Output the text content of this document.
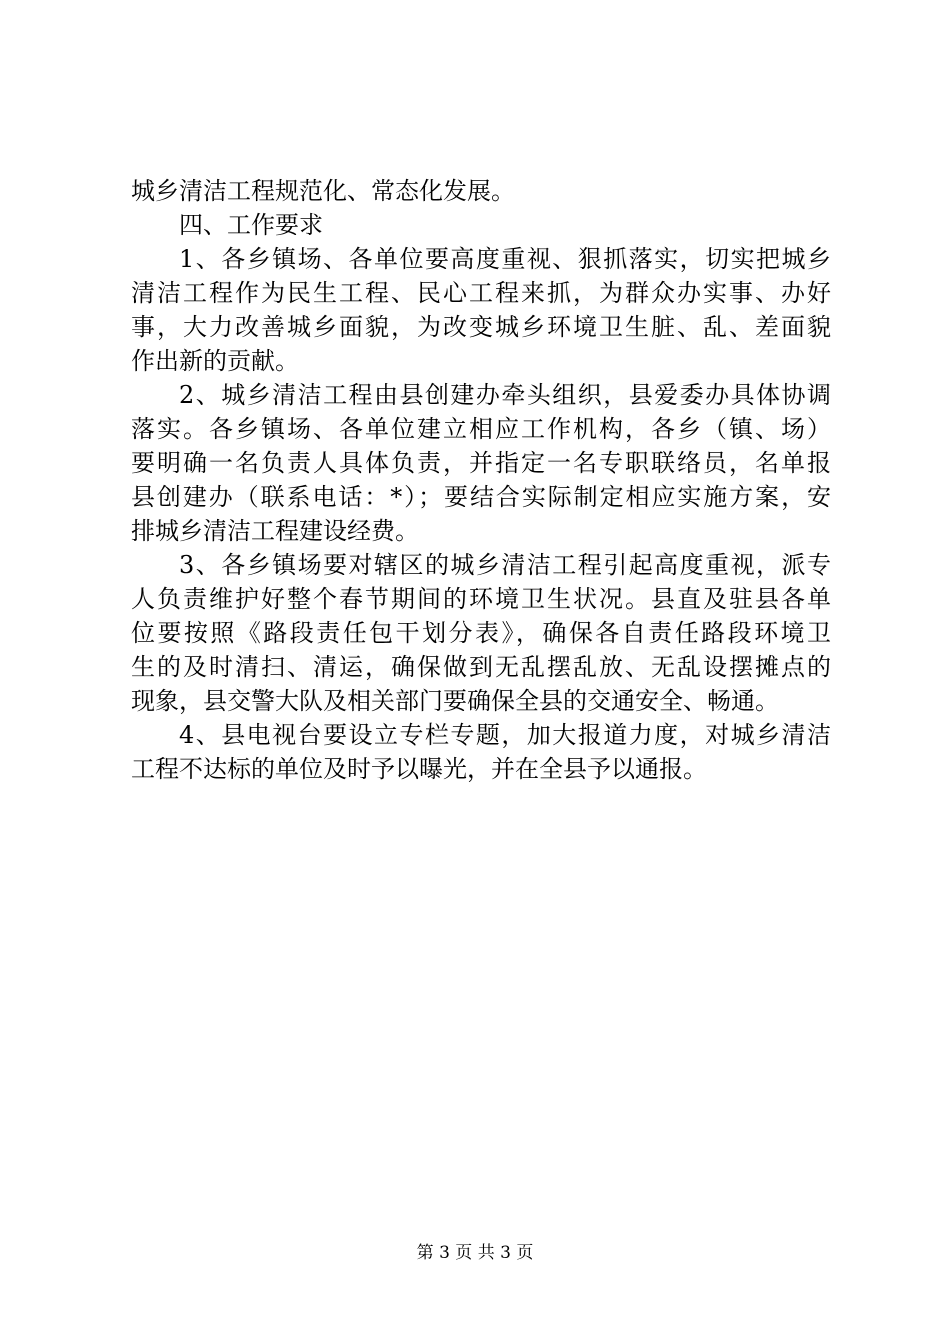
城乡清洁工程规范化、常态化发展。
四、工作要求
1、各乡镇场、各单位要高度重视、狠抓落实，切实把城乡
清洁工程作为民生工程、民心工程来抓，为群众办实事、办好
事，大力改善城乡面貌，为改变城乡环境卫生脏、乱、差面貌
作出新的贡献。
2、城乡清洁工程由县创建办牵头组织，县爱委办具体协调
落实。各乡镇场、各单位建立相应工作机构，各乡（镇、场）
要明确一名负责人具体负责，并指定一名专职联络员，名单报
县创建办（联系电话：*）；要结合实际制定相应实施方案，安
排城乡清洁工程建设经费。
3、各乡镇场要对辖区的城乡清洁工程引起高度重视，派专
人负责维护好整个春节期间的环境卫生状况。县直及驻县各单
位要按照《路段责任包干划分表》，确保各自责任路段环境卫
生的及时清扫、清运，确保做到无乱摆乱放、无乱设摆摊点的
现象，县交警大队及相关部门要确保全县的交通安全、畅通。
4、县电视台要设立专栏专题，加大报道力度，对城乡清洁
工程不达标的单位及时予以曝光，并在全县予以通报。
第 3 页 共 3 页
